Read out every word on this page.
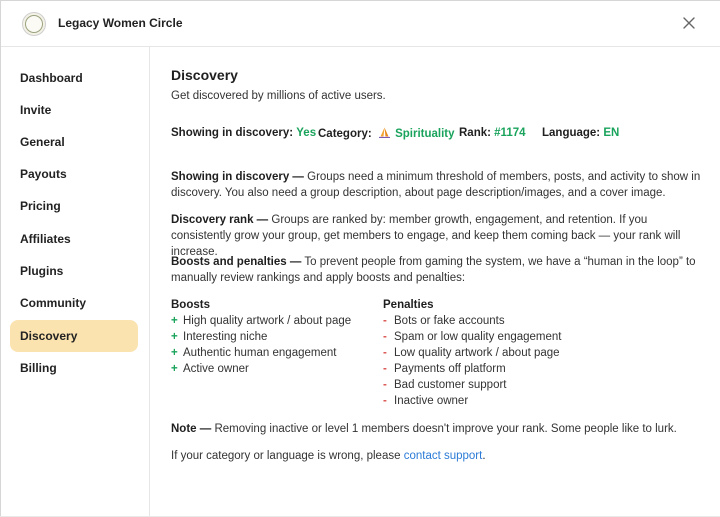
Legacy Women Circle
Dashboard
Invite
General
Payouts
Pricing
Affiliates
Plugins
Community
Discovery
Billing
Discovery
Get discovered by millions of active users.
Showing in discovery: Yes Category: Spirituality Rank: #1174 Language: EN
Showing in discovery — Groups need a minimum threshold of members, posts, and activity to show in discovery. You also need a group description, about page description/images, and a cover image.
Discovery rank — Groups are ranked by: member growth, engagement, and retention. If you consistently grow your group, get members to engage, and keep them coming back — your rank will increase.
Boosts and penalties — To prevent people from gaming the system, we have a “human in the loop” to manually review rankings and apply boosts and penalties:
Boosts
+ High quality artwork / about page
+ Interesting niche
+ Authentic human engagement
+ Active owner
Penalties
- Bots or fake accounts
- Spam or low quality engagement
- Low quality artwork / about page
- Payments off platform
- Bad customer support
- Inactive owner
Note — Removing inactive or level 1 members doesn't improve your rank. Some people like to lurk.
If your category or language is wrong, please contact support.
